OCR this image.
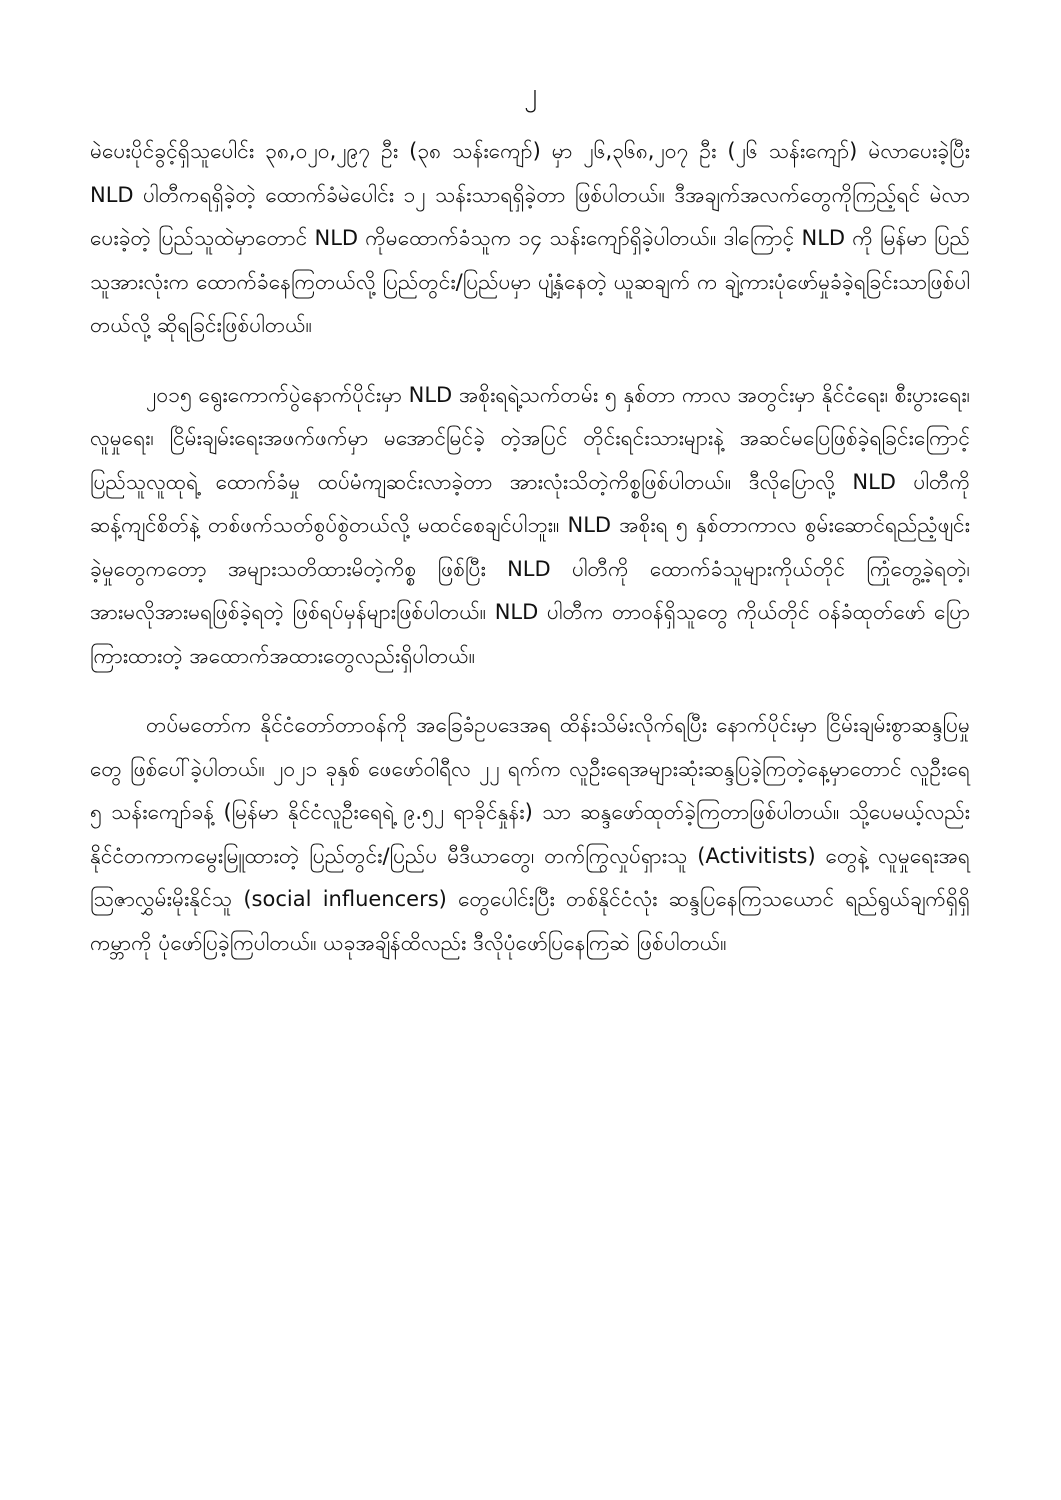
၂

မဲပေးပိုင်ခွင့်ရှိသူပေါင်း ၃၈,၀၂၀,၂၉၇ ဦး (၃၈ သန်းကျော်) မှာ ၂၆,၃၆၈,၂၀၇ ဦး (၂၆ သန်းကျော်) မဲလာပေးခဲ့ပြီး NLD ပါတီကရရှိခဲ့တဲ့ ထောက်ခံမဲပေါင်း ၁၂ သန်းသာရရှိခဲ့တာ ဖြစ်ပါတယ်။ ဒီအချက်အလက်တွေကိုကြည့်ရင် မဲလာပေးခဲ့တဲ့ ပြည်သူထဲမှာတောင် NLD ကိုမထောက်ခံသူက ၁၄ သန်းကျော်ရှိခဲ့ပါတယ်။ ဒါကြောင့် NLD ကို မြန်မာ ပြည်သူအားလုံးက ထောက်ခံနေကြတယ်လို့ ပြည်တွင်း/ပြည်ပမှာ ပျံ့နှံနေတဲ့ ယူဆချက် က ချဲ့ကားပုံဖော်မှုခံခဲ့ရခြင်းသာဖြစ်ပါတယ်လို့ ဆိုရခြင်းဖြစ်ပါတယ်။

၂၀၁၅ ရွေးကောက်ပွဲနောက်ပိုင်းမှာ NLD အစိုးရရဲ့သက်တမ်း ၅ နှစ်တာ ကာလ အတွင်းမှာ နိုင်ငံရေး၊ စီးပွားရေး၊ လူမှုရေး၊ ငြိမ်းချမ်းရေးအဖက်ဖက်မှာ မအောင်မြင်ခဲ့ တဲ့အပြင် တိုင်းရင်းသားများနဲ့ အဆင်မပြေဖြစ်ခဲ့ရခြင်းကြောင့် ပြည်သူလူထုရဲ့ ထောက်ခံမှု ထပ်မံကျဆင်းလာခဲ့တာ အားလုံးသိတဲ့ကိစ္စဖြစ်ပါတယ်။ ဒီလိုပြောလို့ NLD ပါတီကိုဆန့်ကျင်စိတ်နဲ့ တစ်ဖက်သတ်စွပ်စွဲတယ်လို့ မထင်စေချင်ပါဘူး။ NLD အစိုးရ ၅ နှစ်တာကာလ စွမ်းဆောင်ရည်ညံ့ဖျင်းခဲ့မှုတွေကတော့ အများသတိထားမိတဲ့ကိစ္စ ဖြစ်ပြီး NLD ပါတီကို ထောက်ခံသူများကိုယ်တိုင် ကြုံတွေ့ခဲ့ရတဲ့၊ အားမလိုအားမရဖြစ်ခဲ့ရတဲ့ ဖြစ်ရပ်မှန်များဖြစ်ပါတယ်။ NLD ပါတီက တာဝန်ရှိသူတွေ ကိုယ်တိုင် ဝန်ခံထုတ်ဖော် ပြောကြားထားတဲ့ အထောက်အထားတွေလည်းရှိပါတယ်။

တပ်မတော်က နိုင်ငံတော်တာဝန်ကို အခြေခံဥပဒေအရ ထိန်းသိမ်းလိုက်ရပြီး နောက်ပိုင်းမှာ ငြိမ်းချမ်းစွာဆန္ဒပြမှုတွေ ဖြစ်ပေါ်ခဲ့ပါတယ်။ ၂၀၂၁ ခုနှစ် ဖေဖော်ဝါရီလ ၂၂ ရက်က လူဦးရေအများဆုံးဆန္ဒပြခဲ့ကြတဲ့နေ့မှာတောင် လူဦးရေ ၅ သန်းကျော်ခန့် (မြန်မာ နိုင်ငံလူဦးရေရဲ့ ၉.၅၂ ရာခိုင်နှုန်း) သာ ဆန္ဒဖော်ထုတ်ခဲ့ကြတာဖြစ်ပါတယ်။ သို့ပေမယ့်လည်း နိုင်ငံတကာကမွေးမြူထားတဲ့ ပြည်တွင်း/ပြည်ပ မီဒီယာတွေ၊ တက်ကြွလှုပ်ရှားသူ (Activitists) တွေနဲ့ လူမှုရေးအရသြဇာလွှမ်းမိုးနိုင်သူ (social influencers) တွေပေါင်းပြီး တစ်နိုင်ငံလုံး ဆန္ဒပြနေကြသယောင် ရည်ရွယ်ချက်ရှိရှိ ကမ္ဘာကို ပုံဖော်ပြခဲ့ကြပါတယ်။ ယခုအချိန်ထိလည်း ဒီလိုပုံဖော်ပြနေကြဆဲ ဖြစ်ပါတယ်။
